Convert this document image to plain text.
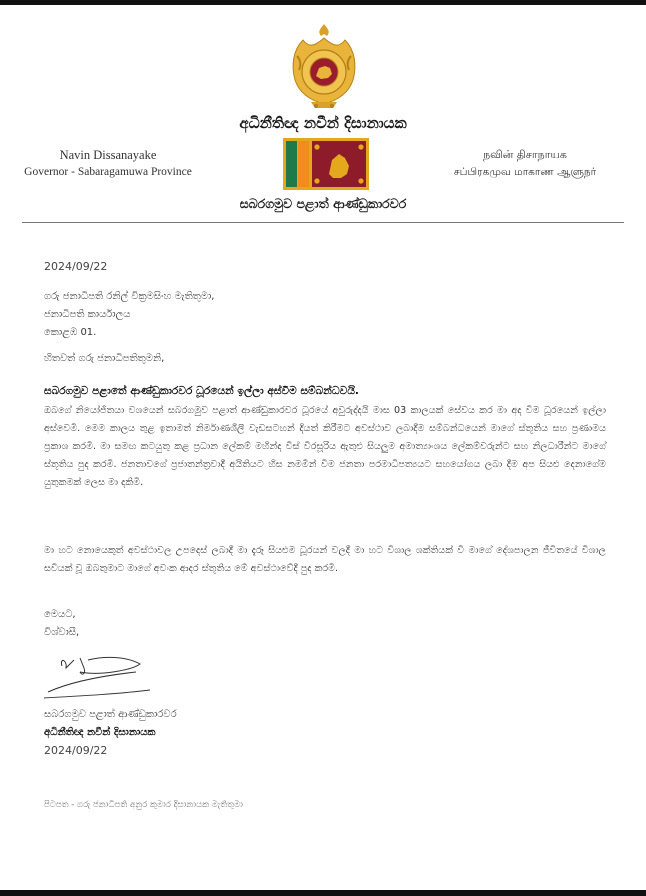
අධිනීතිඥ නවීන් දිසානායක
Navin Dissanayake
Governor - Sabaragamuwa Province
நவின் திசாநாயக
சப்பிரகமுவ மாகாண ஆளுநர்
සබරගමුව පළාත් ආණ්ඩුකාරවර
2024/09/22
ගරු ජනාධිපති රනිල් වික්‍රමසිංහ මැතිතුමා,
ජනාධිපති කාර්යාලය
කොළඹ 01.
හිතවත් ගරු ජනාධිපතිතුමනි,
සබරගමුව පළාතේ ආණ්ඩුකාරවර ධූරයෙන් ඉල්ලා අස්වීම සම්බන්ධවයි.
ඔබගේ නියෝජිතයා වශයෙන් සබරගමුව පළාත් ආණ්ඩුකාරවර ධූරයේ අවුරුද්දයි මාස 03 කාලයක් සේවය කර මා අද විම ධූරයෙන් ඉල්ලා අස්වෙමි. මෙම කාලය තුළ ඉතාමත් නිර්මාණශීලී වැඩසටහන් දියත් කිරීමට අවස්ථාව ලබාදීම සම්බන්ධයෙන් මාගේ ස්තූතිය සහ ප්‍රණාමය ප්‍රකාශ කරමි. මා සමඟ කටයුතු කළ ප්‍රධාන ලේකම් මහින්ද විස් වීරසූරිය ඇතුළු සියලුම අමාත්‍යාංශය ලේකම්වරුන්ට සහ නිලධාරීන්ට මාගේ ස්තූතිය පුද කරමි. ජනතාවගේ ප්‍රජාතන්ත්‍රවාදී අයිතියට හිස නමමින් විම ජනතා පරමාධිපත්‍යයට සහයෝගය ලබා දීම අප සියළු දෙනාගේම යුතුකමක් ලෙස මා දකිමි.
මා හට නොයෙකුත් අවස්ථාවල උපදෙස් ලබාදී මා දැරූ සියළුම ධූරයන් වලදී මා හට විශාල ශක්තියක් වී මාගේ දේශපාලන ජීවිතයේ විශාල සවියක් වූ ඔබතුමාට මාගේ අවංක ආදර ස්තූතිය මේ අවස්ථාවේදී පුද කරමි.
මෙයට,
විශ්වාසී,
සබරගමුව පළාත් ආණ්ඩුකාරවර
අධිනීතිඥ නවීන් දිසානායක
2024/09/22
පිටපත - ගරු ජනාධිපති අනුර කුමාර දිසානායක මැතිතුමා
